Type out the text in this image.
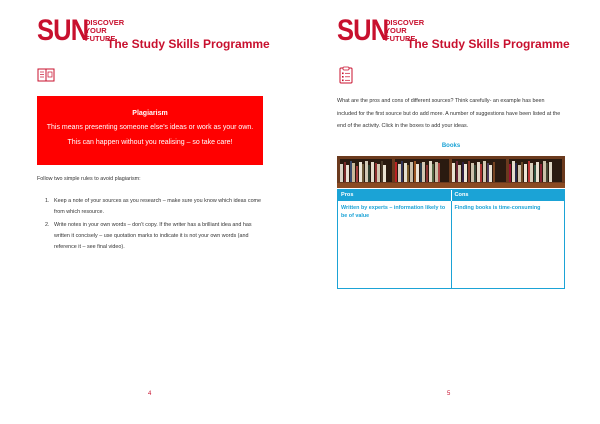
SUN
DISCOVER
YOUR
FUTURE
The Study Skills Programme
Plagiarism
This means presenting someone else’s ideas or work as your own.
This can happen without you realising – so take care!
Follow two simple rules to avoid plagiarism:
1. Keep a note of your sources as you research – make sure you know which ideas come from which resource.
2. Write notes in your own words – don’t copy. If the writer has a brilliant idea and has written it concisely – use quotation marks to indicate it is not your own words (and reference it – see final video).
4
SUN
DISCOVER
YOUR
FUTURE
The Study Skills Programme
What are the pros and cons of different sources? Think carefully- an example has been included for the first source but do add more. A number of suggestions have been listed at the end of the activity. Click in the boxes to add your ideas.
Books
Pros	Cons
Written by experts – information likely to be of value
Finding books is time-consuming
5
